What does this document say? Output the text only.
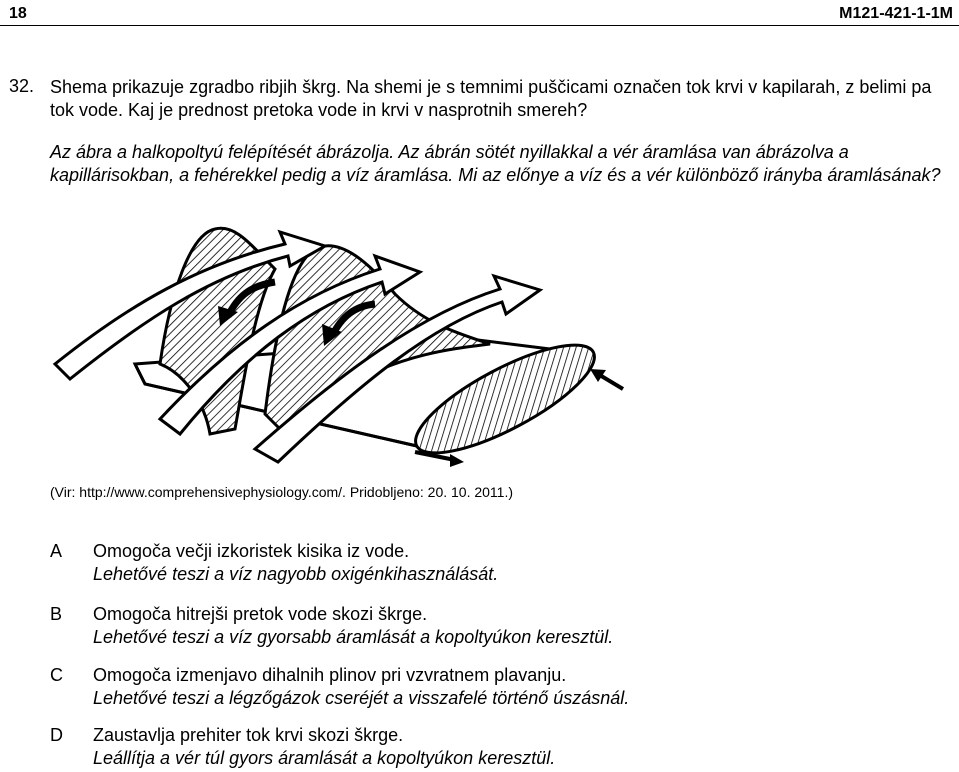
18	M121-421-1-1M
32. Shema prikazuje zgradbo ribjih škrg. Na shemi je s temnimi puščicami označen tok krvi v kapilarah, z belimi pa tok vode. Kaj je prednost pretoka vode in krvi v nasprotnih smereh?
Az ábra a halkopoltyú felépítését ábrázolja. Az ábrán sötét nyillakkal a vér áramlása van ábrázolva a kapillárisokban, a fehérekkel pedig a víz áramlása. Mi az előnye a víz és a vér különböző irányba áramlásának?
(Vir: http://www.comprehensivephysiology.com/. Pridobljeno: 20. 10. 2011.)
A Omogoča večji izkoristek kisika iz vode.
Lehetővé teszi a víz nagyobb oxigénkihasználását.
B Omogoča hitrejši pretok vode skozi škrge.
Lehetővé teszi a víz gyorsabb áramlását a kopoltyúkon keresztül.
C Omogoča izmenjavo dihalnih plinov pri vzvratnem plavanju.
Lehetővé teszi a légzőgázok cseréjét a visszafelé történő úszásnál.
D Zaustavlja prehiter tok krvi skozi škrge.
Leállítja a vér túl gyors áramlását a kopoltyúkon keresztül.
